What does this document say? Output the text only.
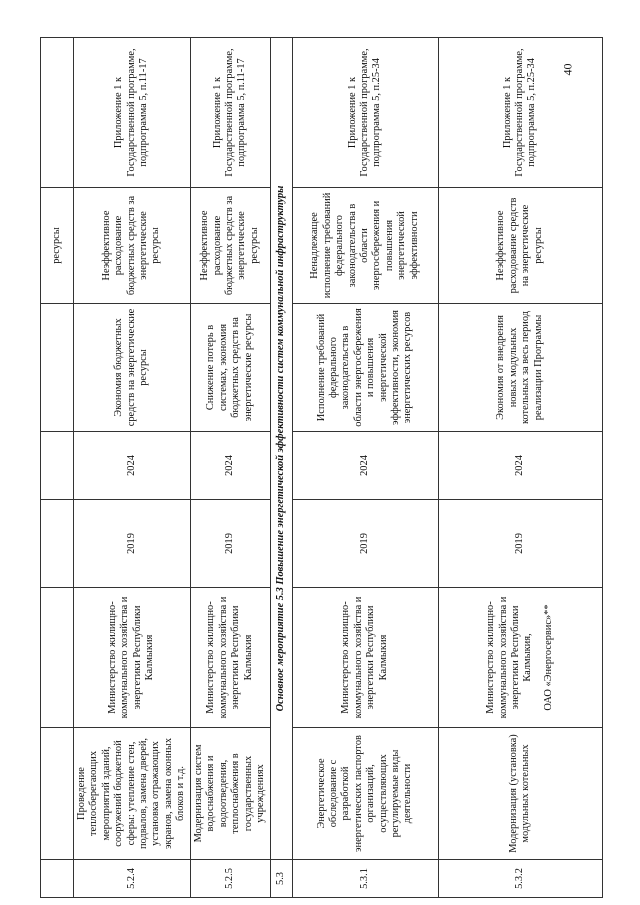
						ресурсы	
5.2.4	Проведение теплосберегающих мероприятий зданий, сооружений бюджетной сферы: утепление стен, подвалов, замена дверей, установка отражающих экранов, замена оконных блоков и т.д.	Министерство жилищно-коммунального хозяйства и энергетики Республики Калмыкия	2019	2024	Экономия бюджетных средств на энергетические ресурсы	Неэффективное расходование бюджетных средств за энергетические ресурсы	Приложение 1 к Государственной программе, подпрограмма 5, п.11-17
5.2.5	Модернизация систем водоснабжения и водоотведения, теплоснабжения в государственных учреждениях	Министерство жилищно-коммунального хозяйства и энергетики Республики Калмыкия	2019	2024	Снижение потерь в системах, экономия бюджетных средств на энергетические ресурсы	Неэффективное расходование бюджетных средств за энергетические ресурсы	Приложение 1 к Государственной программе, подпрограмма 5, п.11-17
5.3	Основное мероприятие 5.3 Повышение энергетической эффективности систем коммунальной инфраструктуры						
5.3.1	Энергетическое обследование с разработкой энергетических паспортов организаций, осуществляющих регулируемые виды деятельности	Министерство жилищно-коммунального хозяйства и энергетики Республики Калмыкия	2019	2024	Исполнение требований федерального законодательства в области энергосбережения и повышения энергетической эффективности, экономия энергетических ресурсов	Ненадлежащее исполнение требований федерального законодательства в области энергосбережения и повышения энергетической эффективности	Приложение 1 к Государственной программе, подпрограмма 5, п.25-34
5.3.2	Модернизация (установка) модульных котельных	Министерство жилищно-коммунального хозяйства и энергетики Республики Калмыкия, ОАО «Энергосервис»**	2019	2024	Экономия от внедрения новых модульных котельных за весь период реализации Программы	Неэффективное расходование средств на энергетические ресурсы	Приложение 1 к Государственной программе, подпрограмма 5, п.25-34 40
